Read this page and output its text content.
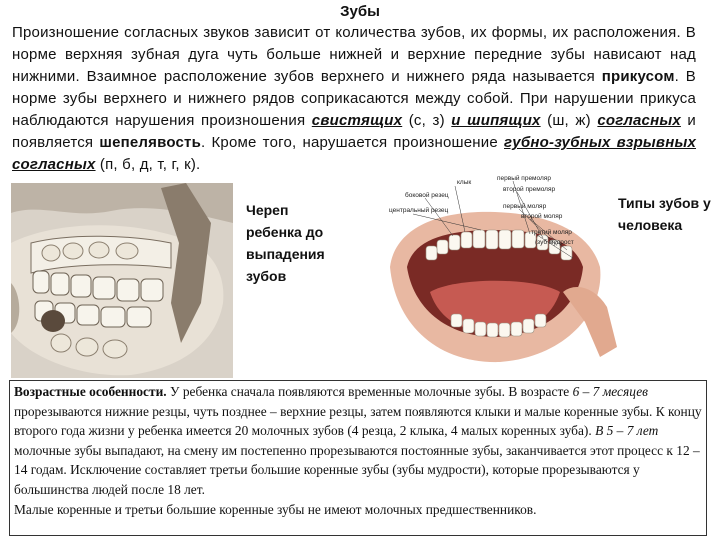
Зубы
Произношение согласных звуков зависит от количества зубов, их формы, их расположения. В норме верхняя зубная дуга чуть больше нижней и верхние передние зубы нависают над нижними. Взаимное расположение зубов верхнего и нижнего ряда называется прикусом. В норме зубы верхнего и нижнего рядов соприкасаются между собой. При нарушении прикуса наблюдаются нарушения произношения свистящих (с, з) и шипящих (ш, ж) согласных и появляется шепелявость. Кроме того, нарушается произношение губно-зубных взрывных согласных (п, б, д, т, г, к).
Череп ребенка до выпадения зубов
клык
боковой резец
центральный резец
первый премоляр
второй премоляр
первый моляр
второй моляр
третий моляр
(зуб мудрост
Типы зубов у человека

Возрастные особенности. У ребенка сначала появляются временные молочные зубы. В возрасте 6 – 7 месяцев прорезываются нижние резцы, чуть позднее – верхние резцы, затем появляются клыки и малые коренные зубы. К концу второго года жизни у ребенка имеется 20 молочных зубов (4 резца, 2 клыка, 4 малых коренных зуба). В 5 – 7 лет молочные зубы выпадают, на смену им постепенно прорезываются постоянные зубы, заканчивается этот процесс к 12 – 14 годам. Исключение составляет третьи большие коренные зубы (зубы мудрости), которые прорезываются у большинства людей после 18 лет.

Малые коренные и третьи большие коренные зубы не имеют молочных предшественников.
